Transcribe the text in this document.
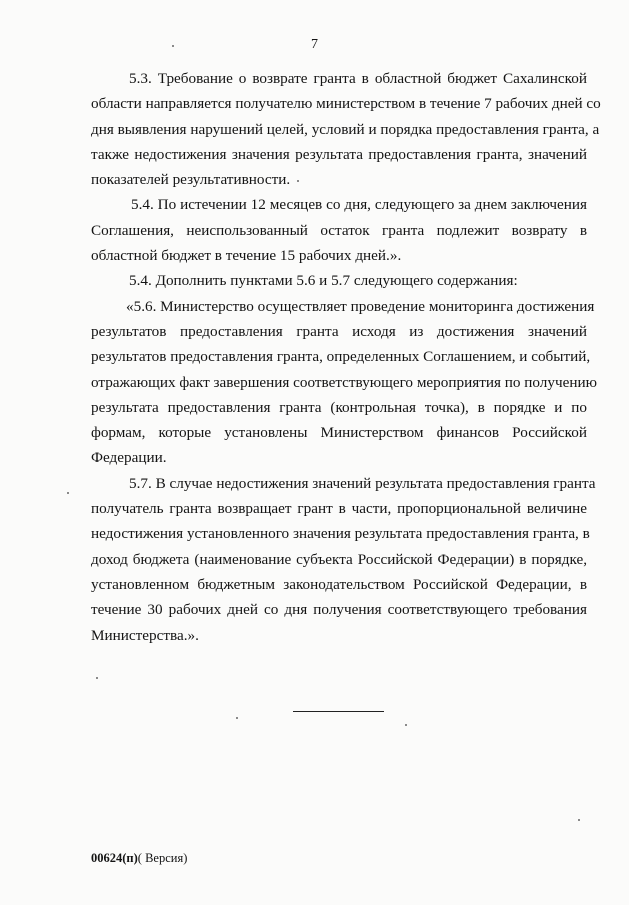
7
5.3. Требование о возврате гранта в областной бюджет Сахалинской
области направляется получателю министерством в течение 7 рабочих дней со
дня выявления нарушений целей, условий и порядка предоставления гранта, а
также недостижения значения результата предоставления гранта, значений
показателей результативности.
5.4. По истечении 12 месяцев со дня, следующего за днем заключения
Соглашения, неиспользованный остаток гранта подлежит возврату в
областной бюджет в течение 15 рабочих дней.».
5.4. Дополнить пунктами 5.6 и 5.7 следующего содержания:
«5.6. Министерство осуществляет проведение мониторинга достижения
результатов предоставления гранта исходя из достижения значений
результатов предоставления гранта, определенных Соглашением, и событий,
отражающих факт завершения соответствующего мероприятия по получению
результата предоставления гранта (контрольная точка), в порядке и по
формам, которые установлены Министерством финансов Российской
Федерации.
5.7. В случае недостижения значений результата предоставления гранта
получатель гранта возвращает грант в части, пропорциональной величине
недостижения установленного значения результата предоставления гранта, в
доход бюджета (наименование субъекта Российской Федерации) в порядке,
установленном бюджетным законодательством Российской Федерации, в
течение 30 рабочих дней со дня получения соответствующего требования
Министерства.».
00624(п)( Версия)
